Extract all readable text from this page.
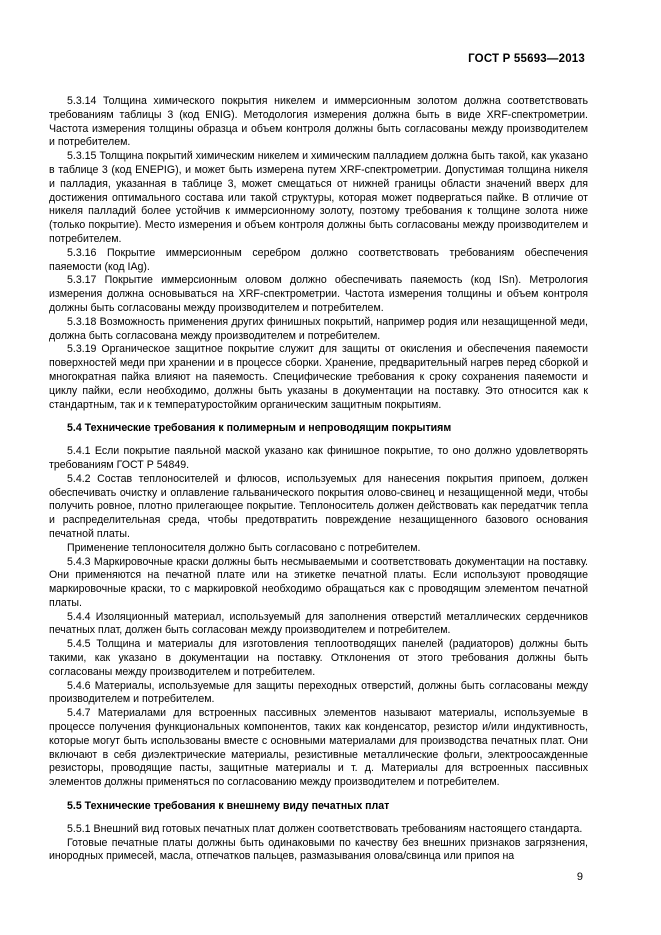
ГОСТ Р 55693—2013

5.3.14 Толщина химического покрытия никелем и иммерсионным золотом должна соответствовать требованиям таблицы 3 (код ENIG). Методология измерения должна быть в виде XRF-спектрометрии. Частота измерения толщины образца и объем контроля должны быть согласованы между производителем и потребителем.

5.3.15 Толщина покрытий химическим никелем и химическим палладием должна быть такой, как указано в таблице 3 (код ENEPIG), и может быть измерена путем XRF-спектрометрии. Допустимая толщина никеля и палладия, указанная в таблице 3, может смещаться от нижней границы области значений вверх для достижения оптимального состава или такой структуры, которая может подвергаться пайке. В отличие от никеля палладий более устойчив к иммерсионному золоту, поэтому требования к толщине золота ниже (только покрытие). Место измерения и объем контроля должны быть согласованы между производителем и потребителем.

5.3.16 Покрытие иммерсионным серебром должно соответствовать требованиям обеспечения паяемости (код IAg).

5.3.17 Покрытие иммерсионным оловом должно обеспечивать паяемость (код ISn). Метрология измерения должна основываться на XRF-спектрометрии. Частота измерения толщины и объем контроля должны быть согласованы между производителем и потребителем.

5.3.18 Возможность применения других финишных покрытий, например родия или незащищенной меди, должна быть согласована между производителем и потребителем.

5.3.19 Органическое защитное покрытие служит для защиты от окисления и обеспечения паяемости поверхностей меди при хранении и в процессе сборки. Хранение, предварительный нагрев перед сборкой и многократная пайка влияют на паяемость. Специфические требования к сроку сохранения паяемости и циклу пайки, если необходимо, должны быть указаны в документации на поставку. Это относится как к стандартным, так и к температуростойким органическим защитным покрытиям.

5.4 Технические требования к полимерным и непроводящим покрытиям

5.4.1 Если покрытие паяльной маской указано как финишное покрытие, то оно должно удовлетворять требованиям ГОСТ Р 54849.

5.4.2 Состав теплоносителей и флюсов, используемых для нанесения покрытия припоем, должен обеспечивать очистку и оплавление гальванического покрытия олово-свинец и незащищенной меди, чтобы получить ровное, плотно прилегающее покрытие. Теплоноситель должен действовать как передатчик тепла и распределительная среда, чтобы предотвратить повреждение незащищенного базового основания печатной платы.

Применение теплоносителя должно быть согласовано с потребителем.

5.4.3 Маркировочные краски должны быть несмываемыми и соответствовать документации на поставку. Они применяются на печатной плате или на этикетке печатной платы. Если используют проводящие маркировочные краски, то с маркировкой необходимо обращаться как с проводящим элементом печатной платы.

5.4.4 Изоляционный материал, используемый для заполнения отверстий металлических сердечников печатных плат, должен быть согласован между производителем и потребителем.

5.4.5 Толщина и материалы для изготовления теплоотводящих панелей (радиаторов) должны быть такими, как указано в документации на поставку. Отклонения от этого требования должны быть согласованы между производителем и потребителем.

5.4.6 Материалы, используемые для защиты переходных отверстий, должны быть согласованы между производителем и потребителем.

5.4.7 Материалами для встроенных пассивных элементов называют материалы, используемые в процессе получения функциональных компонентов, таких как конденсатор, резистор и/или индуктивность, которые могут быть использованы вместе с основными материалами для производства печатных плат. Они включают в себя диэлектрические материалы, резистивные металлические фольги, электроосажденные резисторы, проводящие пасты, защитные материалы и т. д. Материалы для встроенных пассивных элементов должны применяться по согласованию между производителем и потребителем.

5.5 Технические требования к внешнему виду печатных плат

5.5.1 Внешний вид готовых печатных плат должен соответствовать требованиям настоящего стандарта.

Готовые печатные платы должны быть одинаковыми по качеству без внешних признаков загрязнения, инородных примесей, масла, отпечатков пальцев, размазывания олова/свинца или припоя на

9
